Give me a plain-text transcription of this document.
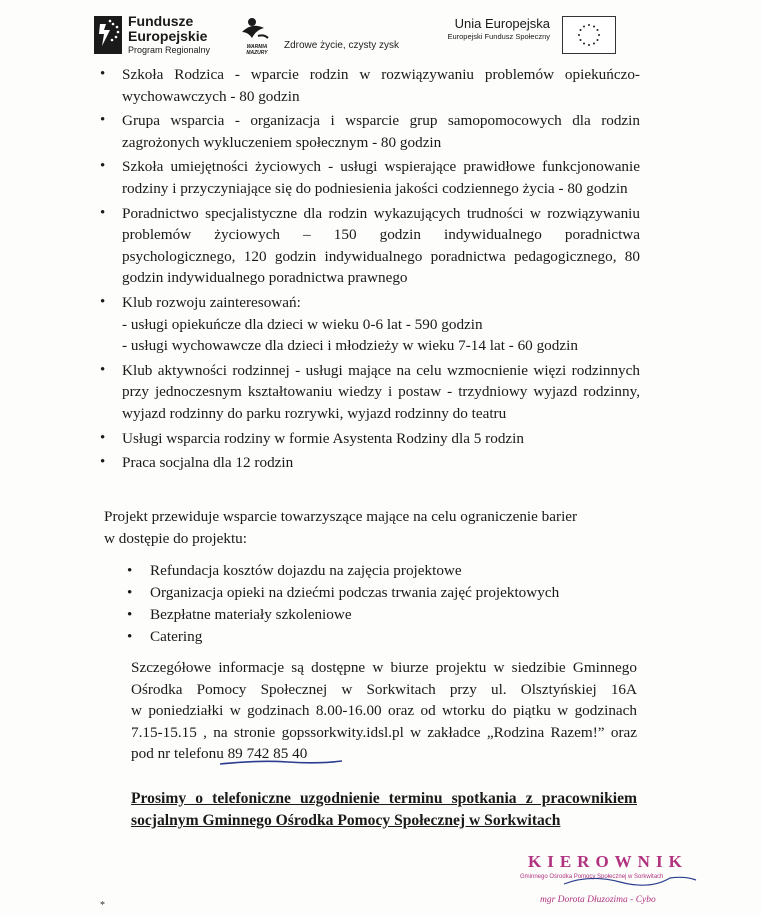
Fundusze
Europejskie
Program Regionalny	WARMIA MAZURY
Zdrowe życie, czysty zysk
Unia Europejska
Europejski Fundusz Społeczny
• Szkoła Rodzica - wparcie rodzin w rozwiązywaniu problemów opiekuńczo-wychowawczych - 80 godzin
• Grupa wsparcia - organizacja i wsparcie grup samopomocowych dla rodzin zagrożonych wykluczeniem społecznym - 80 godzin
• Szkoła umiejętności życiowych - usługi wspierające prawidłowe funkcjonowanie rodziny i przyczyniające się do podniesienia jakości codziennego życia - 80 godzin
• Poradnictwo specjalistyczne dla rodzin wykazujących trudności w rozwiązywaniu problemów życiowych – 150 godzin indywidualnego poradnictwa psychologicznego, 120 godzin indywidualnego poradnictwa pedagogicznego, 80 godzin indywidualnego poradnictwa prawnego
• Klub rozwoju zainteresowań:
- usługi opiekuńcze dla dzieci w wieku 0-6 lat - 590 godzin
- usługi wychowawcze dla dzieci i młodzieży w wieku 7-14 lat - 60 godzin
• Klub aktywności rodzinnej - usługi mające na celu wzmocnienie więzi rodzinnych przy jednoczesnym kształtowaniu wiedzy i postaw - trzydniowy wyjazd rodzinny, wyjazd rodzinny do parku rozrywki, wyjazd rodzinny do teatru
• Usługi wsparcia rodziny w formie Asystenta Rodziny dla 5 rodzin
• Praca socjalna dla 12 rodzin
Projekt przewiduje wsparcie towarzyszące mające na celu ograniczenie barier
w dostępie do projektu:
• Refundacja kosztów dojazdu na zajęcia projektowe
• Organizacja opieki na dziećmi podczas trwania zajęć projektowych
• Bezpłatne materiały szkoleniowe
• Catering
Szczegółowe informacje są dostępne w biurze projektu w siedzibie Gminnego
Ośrodka Pomocy Społecznej w Sorkwitach przy ul. Olsztyńskiej 16A
w poniedziałki w godzinach 8.00-16.00 oraz od wtorku do piątku w godzinach
7.15-15.15 , na stronie gopssorkwity.idsl.pl w zakładce „Rodzina Razem!” oraz
pod nr telefonu 89 742 85 40
Prosimy o telefoniczne uzgodnienie terminu spotkania z pracownikiem
socjalnym Gminnego Ośrodka Pomocy Społecznej w Sorkwitach
KIEROWNIK
Gminnego Ośrodka Pomocy Społecznej w Sorkwitach
mgr Dorota Dłuzozima - Cybo
*
